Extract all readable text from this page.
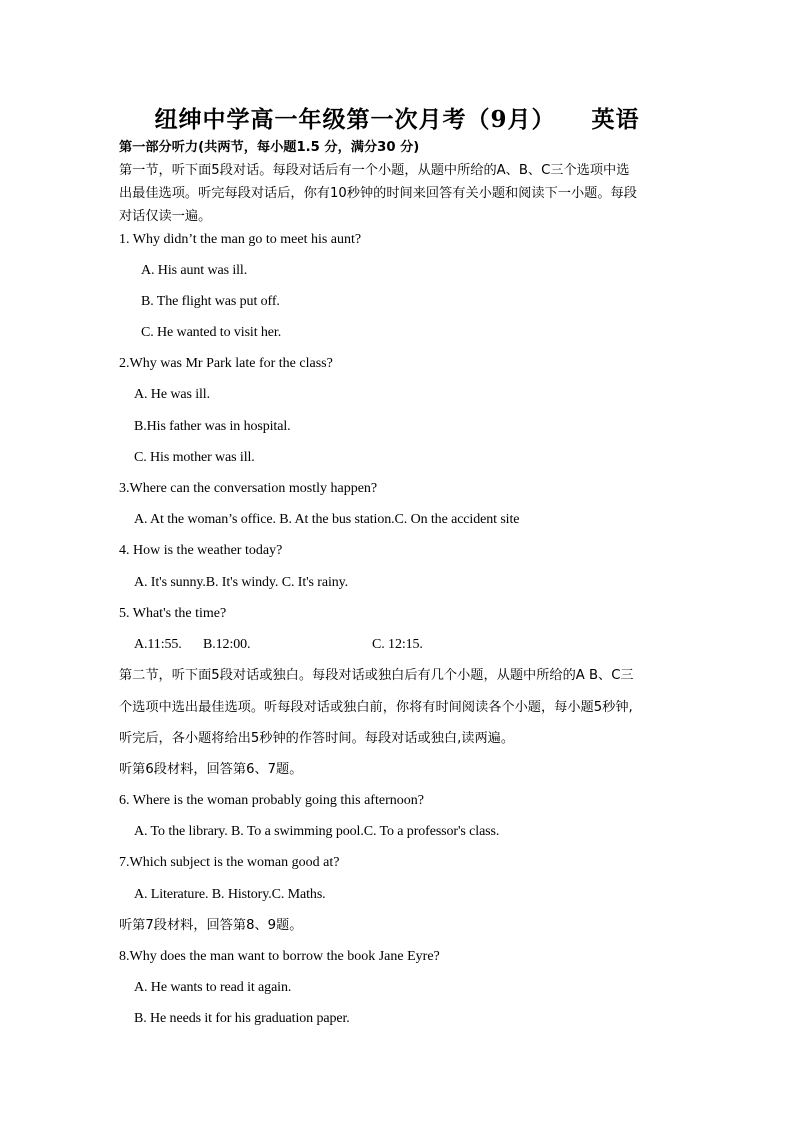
纽绅中学高一年级第一次月考（9月） 英语
第一部分听力(共两节，每小题1.5 分，满分30 分)
第一节，听下面5段对话。每段对话后有一个小题，从题中所给的A、B、C三个选项中选
出最佳选项。听完每段对话后，你有10秒钟的时间来回答有关小题和阅读下一小题。每段
对话仅读一遍。
1. Why didn’t the man go to meet his aunt?
A. His aunt was ill.
B. The flight was put off.
C. He wanted to visit her.
2.Why was Mr Park late for the class?
A. He was ill.
B.His father was in hospital.
C. His mother was ill.
3.Where can the conversation mostly happen?
A. At the woman’s office. B. At the bus station.C. On the accident site
4. How is the weather today?
A. It's sunny.B. It's windy. C. It's rainy.
5. What's the time?
A.11:55. B.12:00.	C. 12:15.
第二节，听下面5段对话或独白。每段对话或独白后有几个小题，从题中所给的A B、C三
个选项中选出最佳选项。听每段对话或独白前，你将有时间阅读各个小题，每小题5秒钟,
听完后，各小题将给出5秒钟的作答时间。每段对话或独白,读两遍。
听第6段材料，回答第6、7题。
6. Where is the woman probably going this afternoon?
A. To the library. B. To a swimming pool.C. To a professor's class.
7.Which subject is the woman good at?
A. Literature. B. History.C. Maths.
听第7段材料，回答第8、9题。
8.Why does the man want to borrow the book Jane Eyre?
A. He wants to read it again.
B. He needs it for his graduation paper.
